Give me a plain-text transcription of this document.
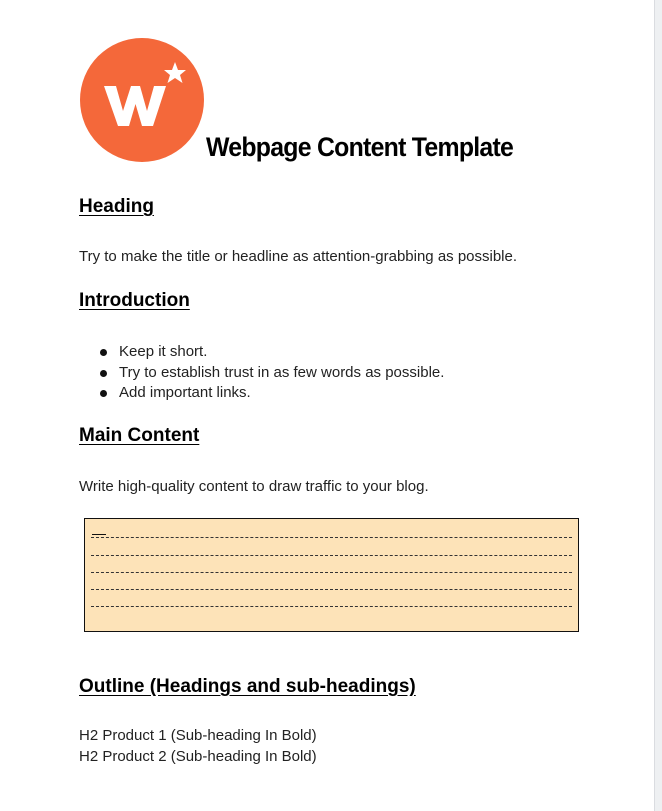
Webpage Content Template
Heading
Try to make the title or headline as attention-grabbing as possible.
Introduction
Keep it short.
Try to establish trust in as few words as possible.
Add important links.
Main Content
Write high-quality content to draw traffic to your blog.
Outline (Headings and sub-headings)
H2 Product 1 (Sub-heading In Bold)
H2 Product 2 (Sub-heading In Bold)
